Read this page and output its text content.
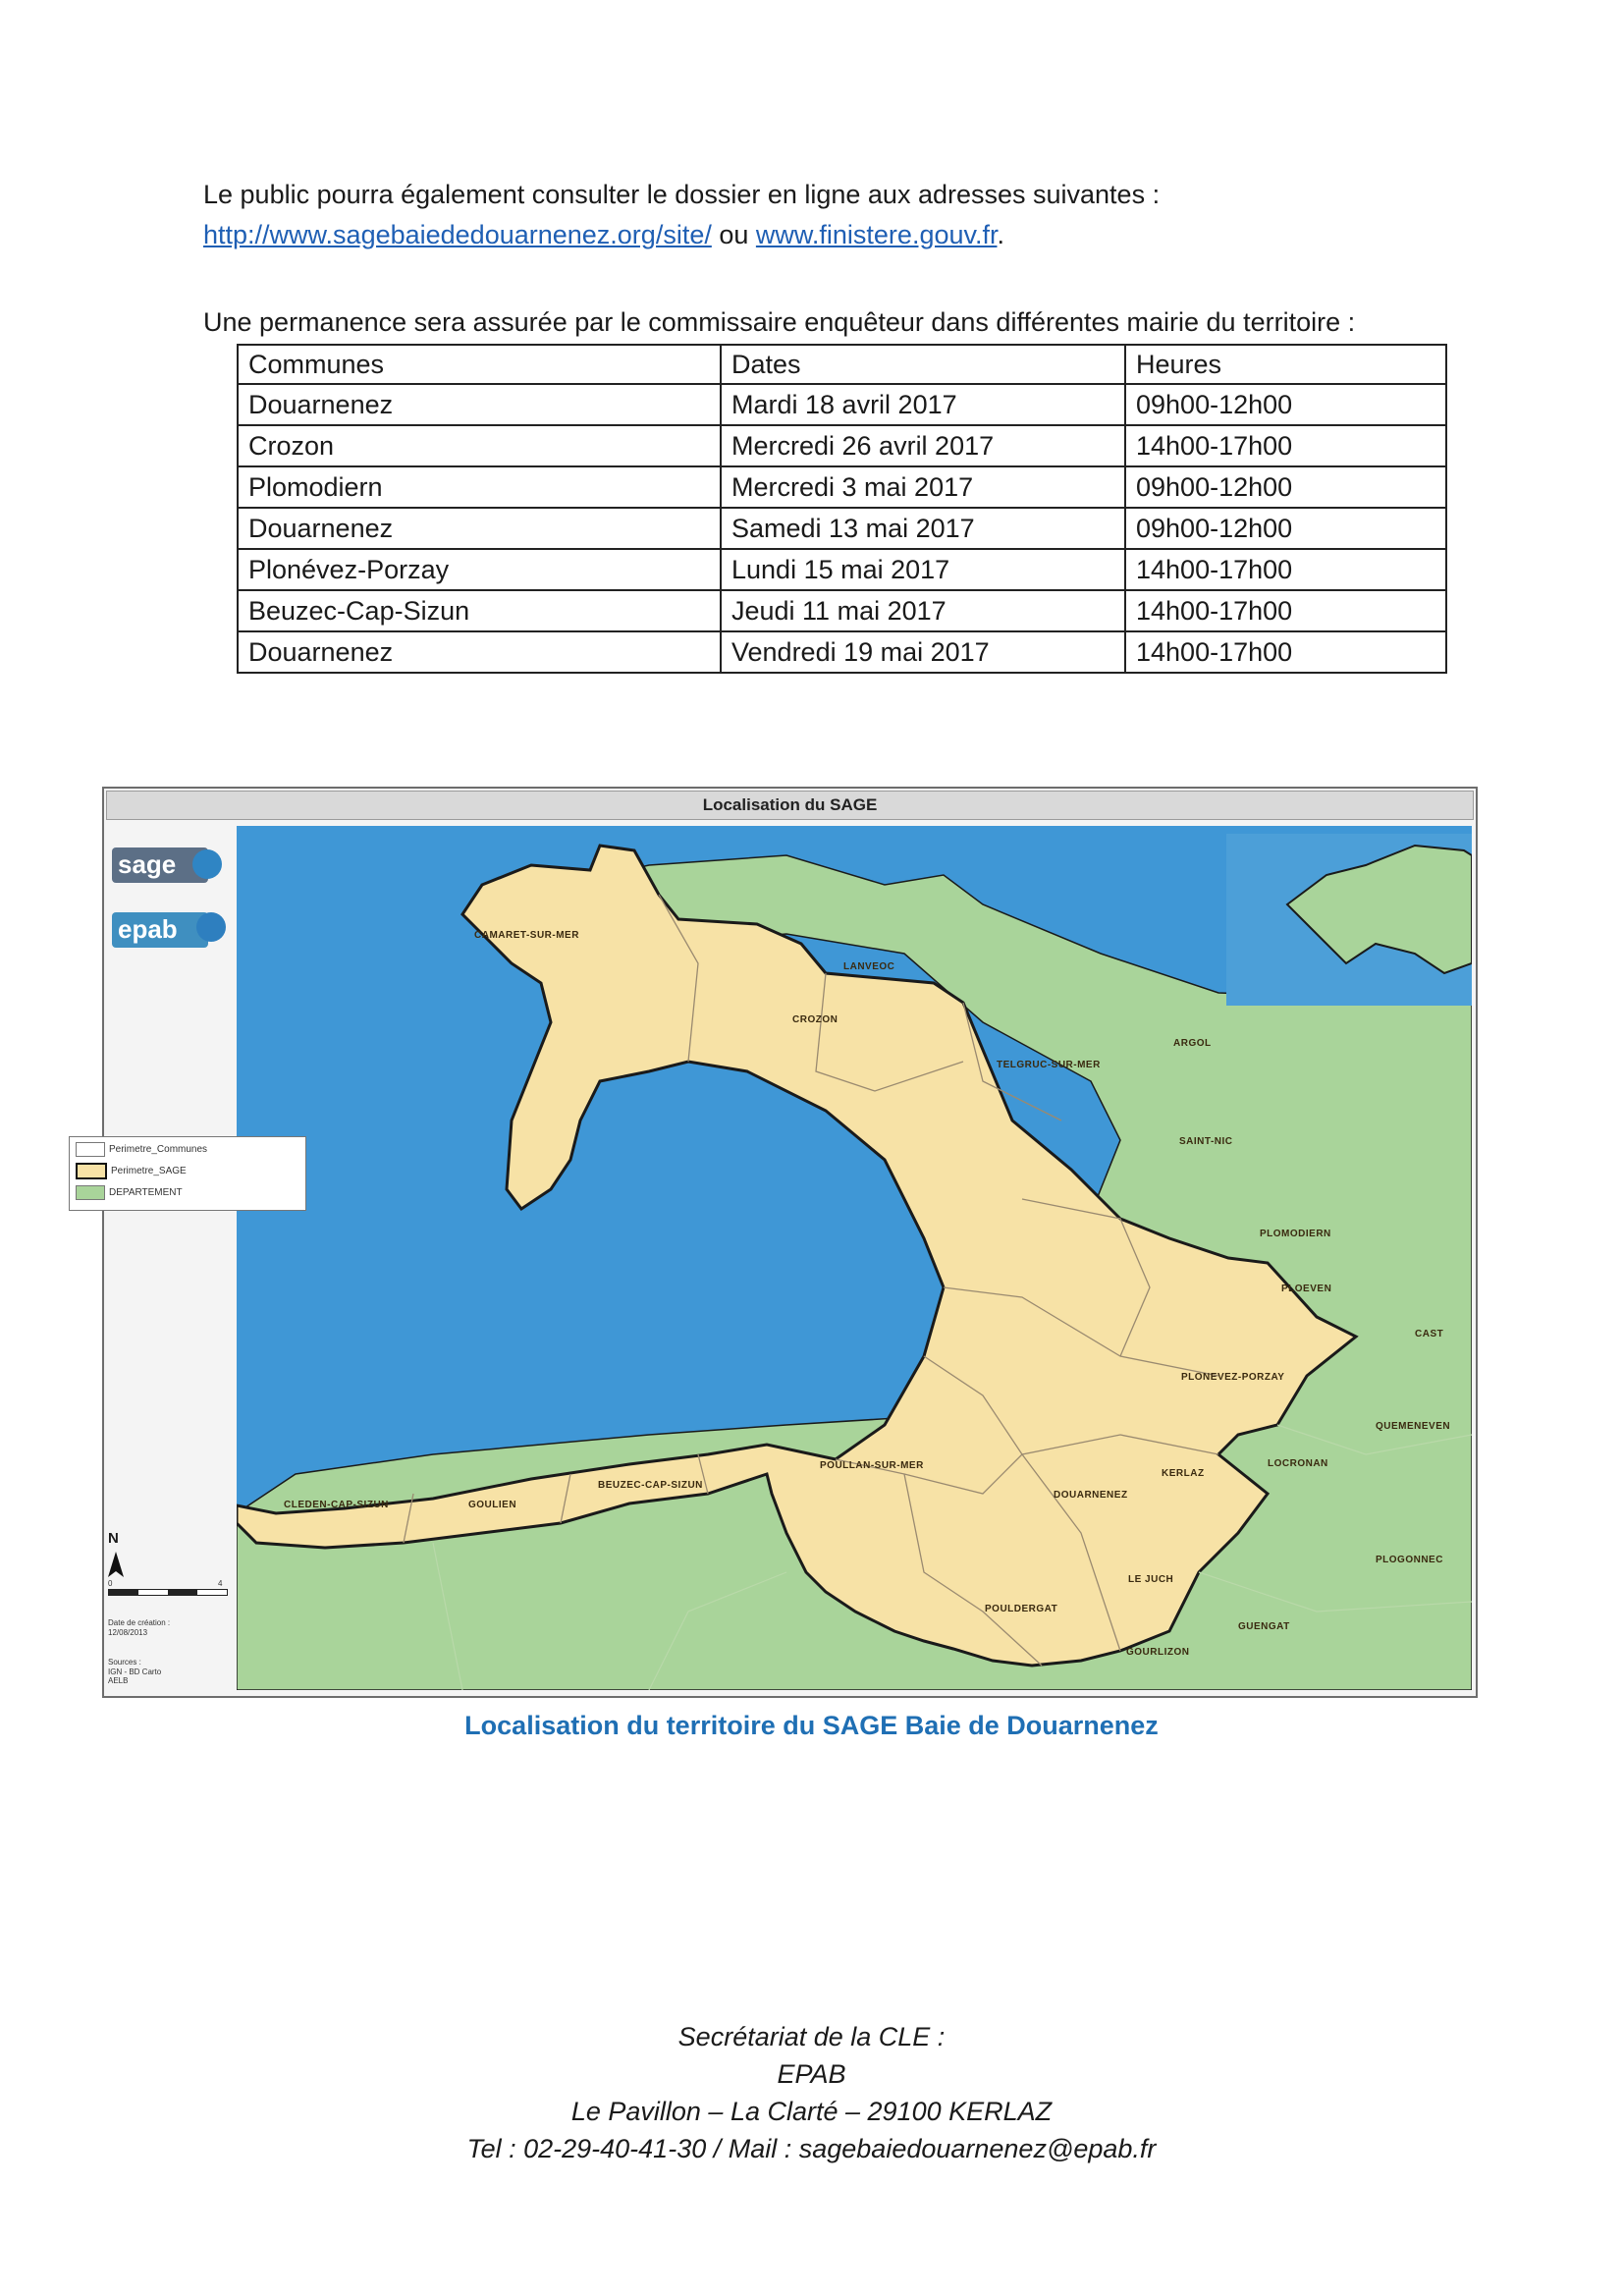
Le public pourra également consulter le dossier en ligne aux adresses suivantes :
http://www.sagebaiededouarnenez.org/site/ ou www.finistere.gouv.fr.
Une permanence sera assurée par le commissaire enquêteur dans différentes mairie du territoire :
Communes	Dates	Heures
Douarnenez	Mardi 18 avril 2017	09h00-12h00
Crozon	Mercredi 26 avril 2017	14h00-17h00
Plomodiern	Mercredi 3 mai 2017	09h00-12h00
Douarnenez	Samedi 13 mai 2017	09h00-12h00
Plonévez-Porzay	Lundi 15 mai 2017	14h00-17h00
Beuzec-Cap-Sizun	Jeudi 11 mai 2017	14h00-17h00
Douarnenez	Vendredi 19 mai 2017	14h00-17h00
Localisation du SAGE
sage
epab	CAMARET-SUR-MER
LANVEOC
CROZON
TELGRUC-SUR-MER
ARGOL
SAINT-NIC
PLOMODIERN
PLOEVEN
CAST
PLONEVEZ-PORZAY
QUEMENEVEN
LOCRONAN
KERLAZ
DOUARNENEZ
POULLAN-SUR-MER
BEUZEC-CAP-SIZUN
CLEDEN-CAP-SIZUN	GOULIEN
LE JUCH
PLOGONNEC
POULDERGAT
GUENGAT
GOURLIZON
Perimetre_Communes
Perimetre_SAGE
DEPARTEMENT
N
0	4
Date de création :
12/08/2013
Sources :
IGN - BD Carto AELB
Localisation du territoire du SAGE Baie de Douarnenez
Secrétariat de la CLE :
EPAB
Le Pavillon – La Clarté – 29100 KERLAZ
Tel : 02-29-40-41-30 / Mail : sagebaiedouarnenez@epab.fr
